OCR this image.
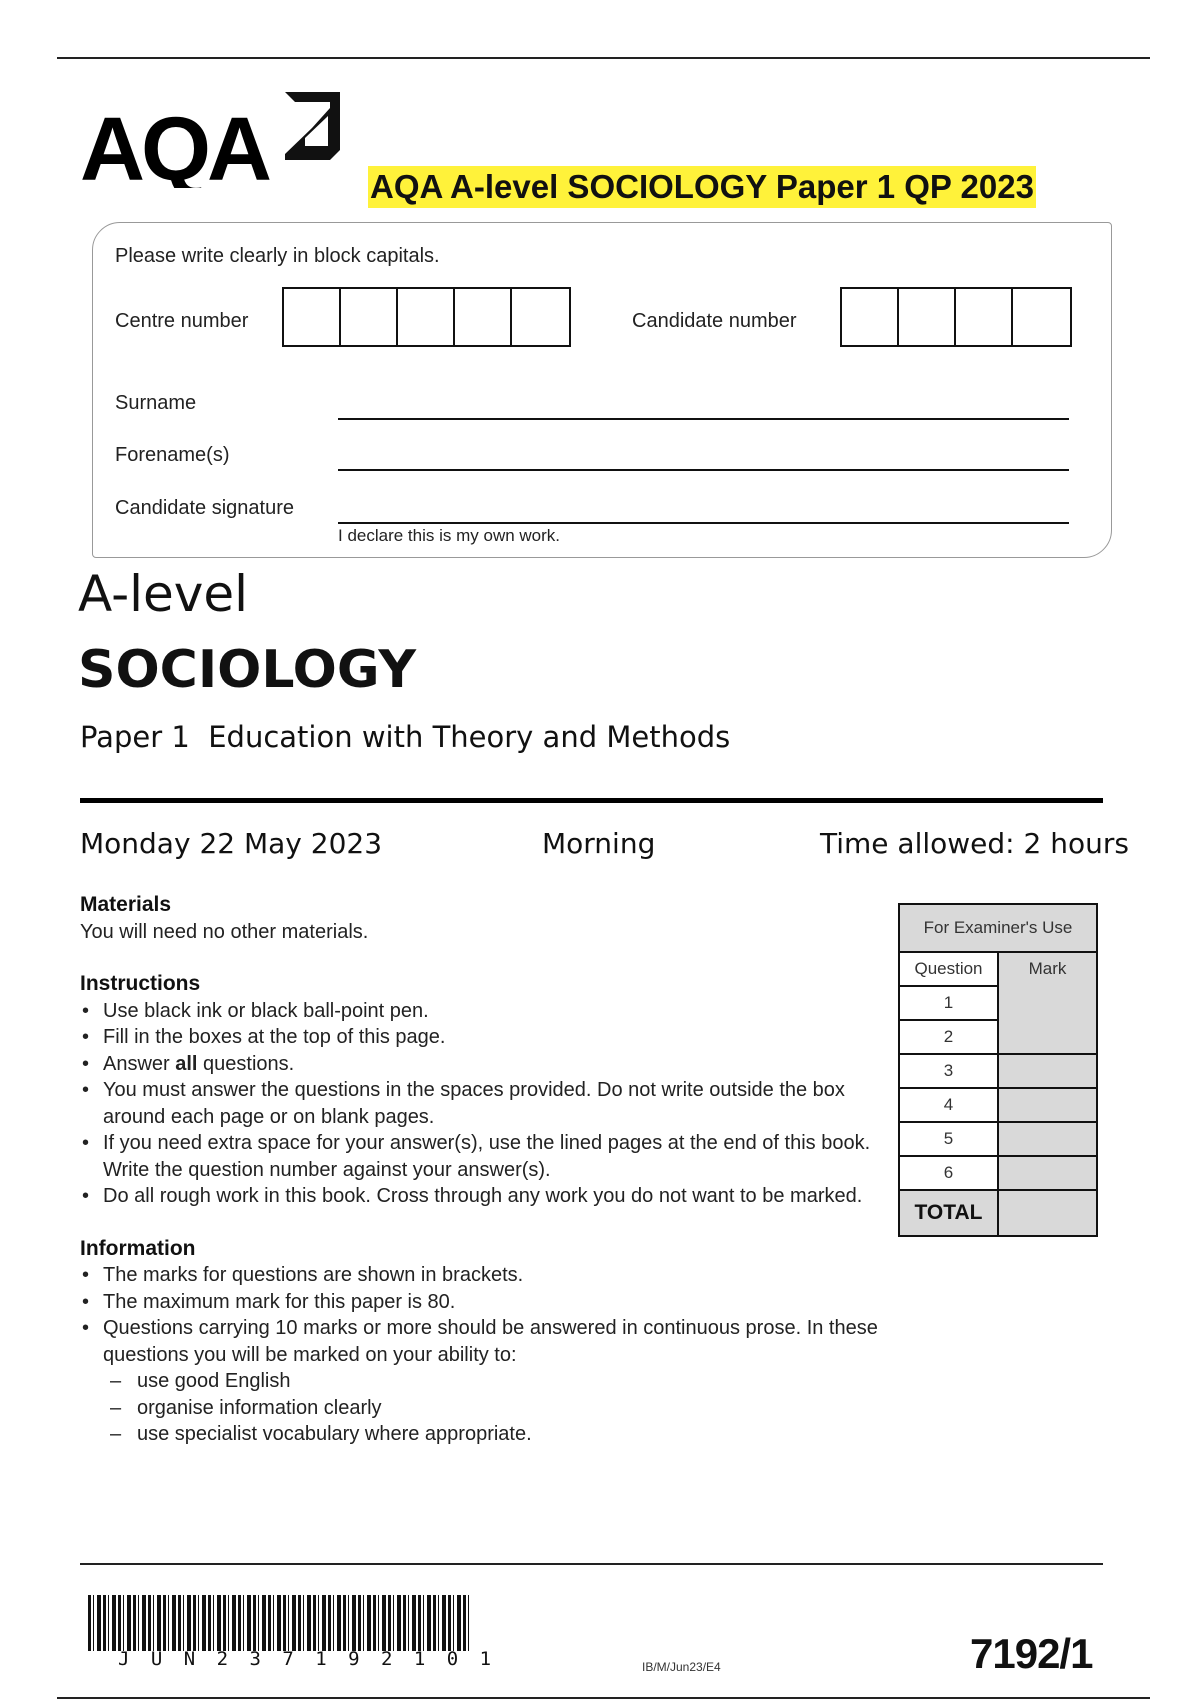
AQA	AQA A-level SOCIOLOGY Paper 1 QP 2023
Please write clearly in block capitals.
Centre number	Candidate number
Surname
Forename(s)
Candidate signature
I declare this is my own work.
A-level
SOCIOLOGY
Paper 1  Education with Theory and Methods
Monday 22 May 2023	Morning	Time allowed: 2 hours
Materials

You will need no other materials.

Instructions
• Use black ink or black ball-point pen.
• Fill in the boxes at the top of this page.
• Answer all questions.
• You must answer the questions in the spaces provided. Do not write outside the box around each page or on blank pages.
• If you need extra space for your answer(s), use the lined pages at the end of this book. Write the question number against your answer(s).
• Do all rough work in this book. Cross through any work you do not want to be marked.
Information
• The marks for questions are shown in brackets.
• The maximum mark for this paper is 80.
• Questions carrying 10 marks or more should be answered in continuous prose. In these questions you will be marked on your ability to:
– use good English
– organise information clearly
– use specialist vocabulary where appropriate.
For Examiner's Use	
Question	Mark
1	
2	
3	
4	
5	
6	
TOTAL	
J U N 2 3 7 1 9 2 1 0 1	IB/M/Jun23/E4	7192/1
